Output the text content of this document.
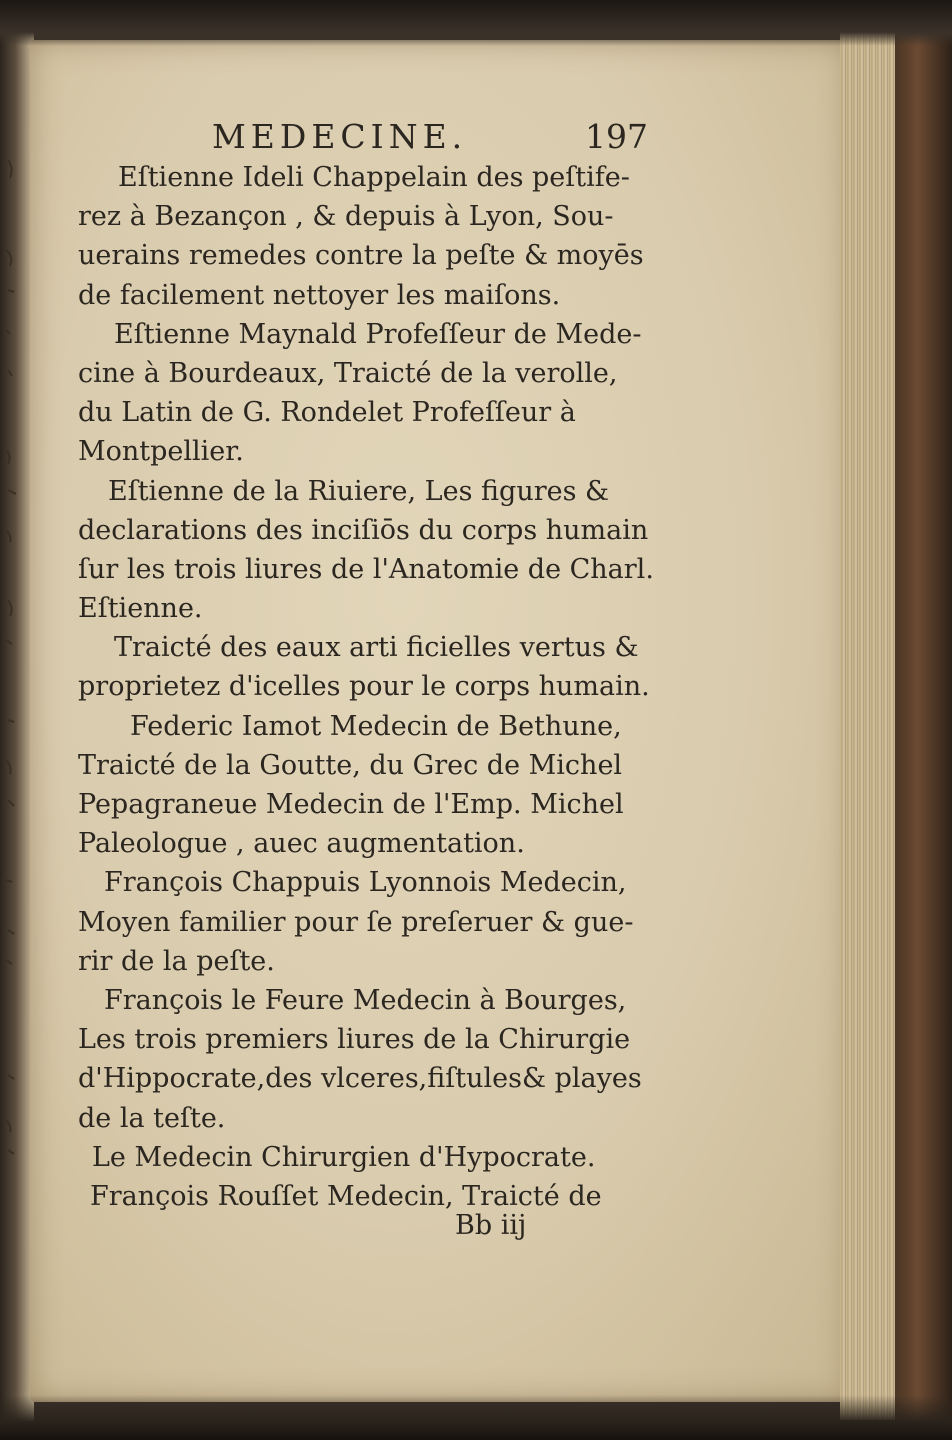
MEDECINE.	197
Eſtienne Ideli Chappelain des peſtife-
rez à Bezançon , & depuis à Lyon, Sou-
uerains remedes contre la peſte & moyēs
de facilement nettoyer les maiſons.
Eſtienne Maynald Profeſſeur de Mede-
cine à Bourdeaux, Traicté de la verolle,
du Latin de G. Rondelet Profeſſeur à
Montpellier.
Eſtienne de la Riuiere, Les figures &
declarations des inciſiōs du corps humain
ſur les trois liures de l'Anatomie de Charl.
Eſtienne.
Traicté des eaux arti ficielles vertus &
proprietez d'icelles pour le corps humain.
Federic Iamot Medecin de Bethune,
Traicté de la Goutte, du Grec de Michel
Pepagraneue Medecin de l'Emp. Michel
Paleologue , auec augmentation.
François Chappuis Lyonnois Medecin,
Moyen familier pour ſe preſeruer & gue-
rir de la peſte.
François le Feure Medecin à Bourges,
Les trois premiers liures de la Chirurgie
d'Hippocrate,des vlceres,fiſtules& playes
de la teſte.
Le Medecin Chirurgien d'Hypocrate.
François Rouſſet Medecin, Traicté de
Bb iij
